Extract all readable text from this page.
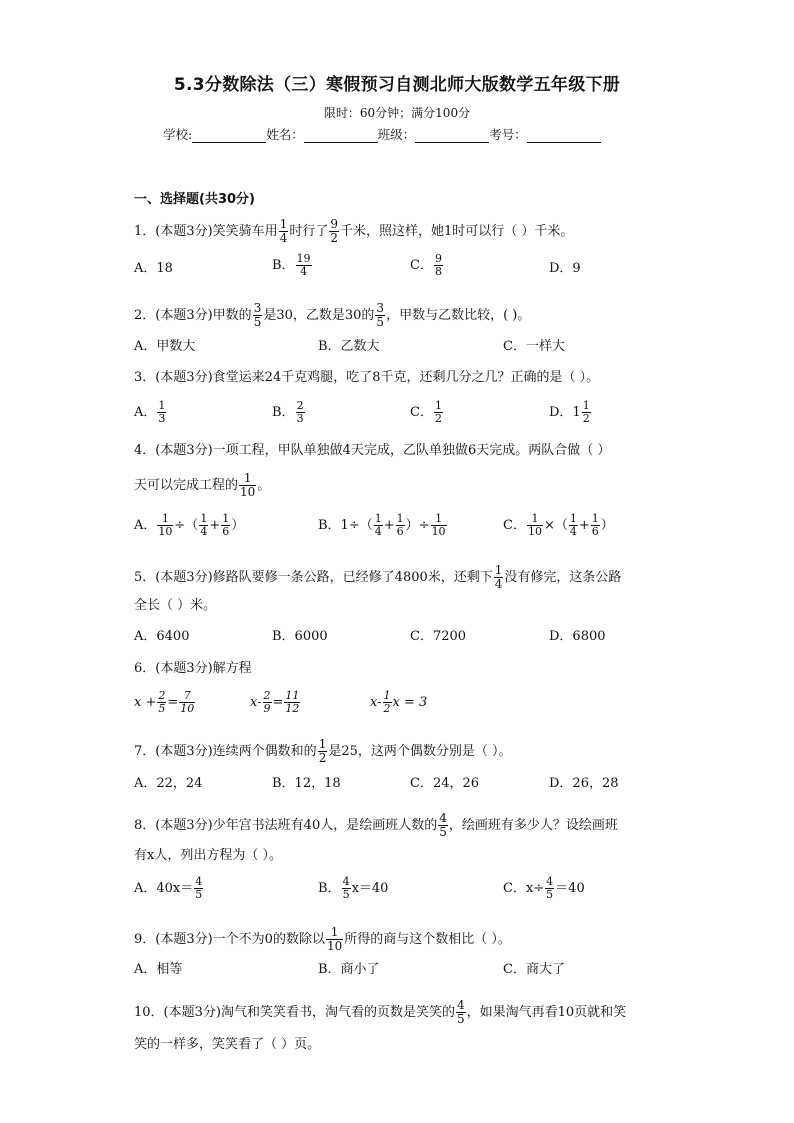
5.3分数除法（三）寒假预习自测北师大版数学五年级下册
限时：60分钟；满分100分
学校:	姓名：	班级：	考号：
一、选择题(共30分)
1．(本题3分)笑笑骑车用 $\frac{1}{4}$ 时行了 $\frac{9}{2}$ 千米，照这样，她1时可以行（ ）千米。
A．18	B． $\frac{19}{4}$	C． $\frac{9}{8}$	D．9
2．(本题3分)甲数的 $\frac{3}{5}$ 是30，乙数是30的 $\frac{3}{5}$ ，甲数与乙数比较，( )。
A．甲数大	B．乙数大	C．一样大
3．(本题3分)食堂运来24千克鸡腿，吃了8千克，还剩几分之几？正确的是（ ）。
A． $\frac{1}{3}$	B． $\frac{2}{3}$	C． $\frac{1}{2}$	D．$1 \frac{1}{2}$
4．(本题3分)一项工程，甲队单独做4天完成，乙队单独做6天完成。两队合做（ ）
天可以完成工程的 $\frac{1}{10}$ 。
A． $\frac{1}{10}$ ÷（ $\frac{1}{4} + \frac{1}{6}$ ）	B．$1\div( \frac{1}{4} + \frac{1}{6}$ ）÷ $\frac{1}{10}$	C． $\frac{1}{10}$ ×（ $\frac{1}{4} + \frac{1}{6}$ ）
5．(本题3分)修路队要修一条公路，已经修了4800米，还剩下 $\frac{1}{4}$ 没有修完，这条公路
全长（ ）米。
A．6400	B．6000	C．7200	D．6800
6．(本题3分)解方程
$x + \frac{2}{5} = \frac{7}{10}$	$x- \frac{2}{9} = \frac{11}{12}$	$x- \frac{1}{2}$ x = 3
7．(本题3分)连续两个偶数和的 $\frac{1}{2}$ 是25，这两个偶数分别是（ ）。
A．22，24	B．12，18	C．24，26	D．26，28
8．(本题3分)少年宫书法班有40人，是绘画班人数的 $\frac{4}{5}$ ，绘画班有多少人？设绘画班
有x人，列出方程为（ ）。
A．$40x= \frac{4}{5}$	B． $\frac{4}{5} x=40$	C．$x\div \frac{4}{5} =40$
9．(本题3分)一个不为0的数除以 $\frac{1}{10}$ 所得的商与这个数相比（ ）。
A．相等	B．商小了	C．商大了
10．(本题3分)淘气和笑笑看书，淘气看的页数是笑笑的 $\frac{4}{5}$ ，如果淘气再看10页就和笑
笑的一样多，笑笑看了（ ）页。
